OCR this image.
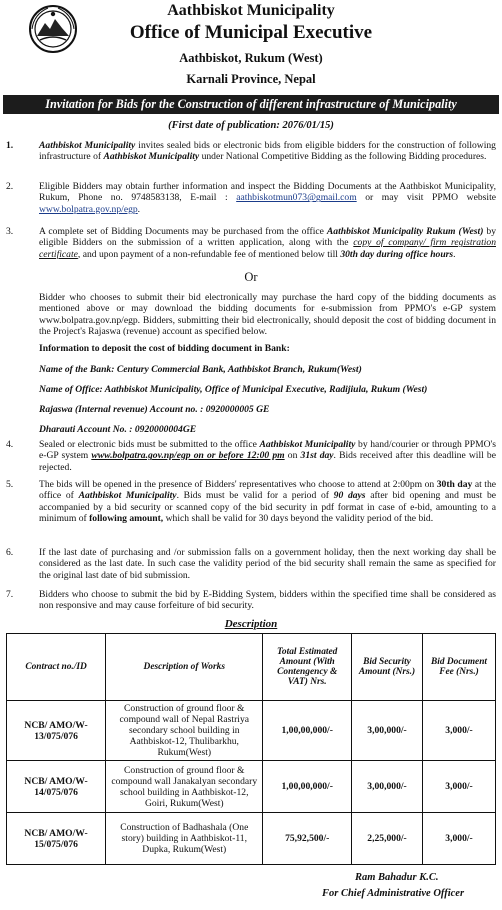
Aathbiskot Municipality
Office of Municipal Executive
Aathbiskot, Rukum (West)
Karnali Province, Nepal
Invitation for Bids for the Construction of different infrastructure of Municipality
(First date of publication: 2076/01/15)
1.	Aathbiskot Municipality invites sealed bids or electronic bids from eligible bidders for the construction of following infrastructure of Aathbiskot Municipality under National Competitive Bidding as the following Bidding procedures.
2.	Eligible Bidders may obtain further information and inspect the Bidding Documents at the Aathbiskot Municipality, Rukum, Phone no. 9748583138, E-mail : aathbiskotmun073@gmail.com or may visit PPMO website www.bolpatra.gov.np/egp.
3.	A complete set of Bidding Documents may be purchased from the office Aathbiskot Municipality Rukum (West) by eligible Bidders on the submission of a written application, along with the copy of company/ firm registration certificate, and upon payment of a non-refundable fee of mentioned below till 30th day during office hours.
Or
Bidder who chooses to submit their bid electronically may purchase the hard copy of the bidding documents as mentioned above or may download the bidding documents for e-submission from PPMO's e-GP system www.bolpatra.gov.np/egp. Bidders, submitting their bid electronically, should deposit the cost of bidding document in the Project's Rajaswa (revenue) account as specified below.
Information to deposit the cost of bidding document in Bank:
Name of the Bank: Century Commercial Bank, Aathbiskot Branch, Rukum(West)
Name of Office: Aathbiskot Municipality, Office of Municipal Executive, Radijiula, Rukum (West)
Rajaswa (Internal revenue) Account no. : 0920000005 GE
Dharauti Account No. : 0920000004GE
4.	Sealed or electronic bids must be submitted to the office Aathbiskot Municipality by hand/courier or through PPMO's e-GP system www.bolpatra.gov.np/egp on or before 12:00 pm on 31st day. Bids received after this deadline will be rejected.
5.	The bids will be opened in the presence of Bidders' representatives who choose to attend at 2:00pm on 30th day at the office of Aathbiskot Municipality. Bids must be valid for a period of 90 days after bid opening and must be accompanied by a bid security or scanned copy of the bid security in pdf format in case of e-bid, amounting to a minimum of following amount, which shall be valid for 30 days beyond the validity period of the bid.
6.	If the last date of purchasing and /or submission falls on a government holiday, then the next working day shall be considered as the last date. In such case the validity period of the bid security shall remain the same as specified for the original last date of bid submission.
7.	Bidders who choose to submit the bid by E-Bidding System, bidders within the specified time shall be considered as non responsive and may cause forfeiture of bid security.
Description
Contract no./ID	Description of Works	Total Estimated Amount (With Contengency & VAT) Nrs.	Bid Security Amount (Nrs.)	Bid Document Fee (Nrs.)
NCB/ AMO/W-13/075/076	Construction of ground floor & compound wall of Nepal Rastriya secondary school building in Aathbiskot-12, Thulibarkhu, Rukum(West)	1,00,00,000/-	3,00,000/-	3,000/-
NCB/ AMO/W-14/075/076	Construction of ground floor & compound wall Janakalyan secondary school building in Aathbiskot-12, Goiri, Rukum(West)	1,00,00,000/-	3,00,000/-	3,000/-
NCB/ AMO/W-15/075/076	Construction of Badhashala (One story) building in Aathbiskot-11, Dupka, Rukum(West)	75,92,500/-	2,25,000/-	3,000/-
Ram Bahadur K.C.
For Chief Administrative Officer
